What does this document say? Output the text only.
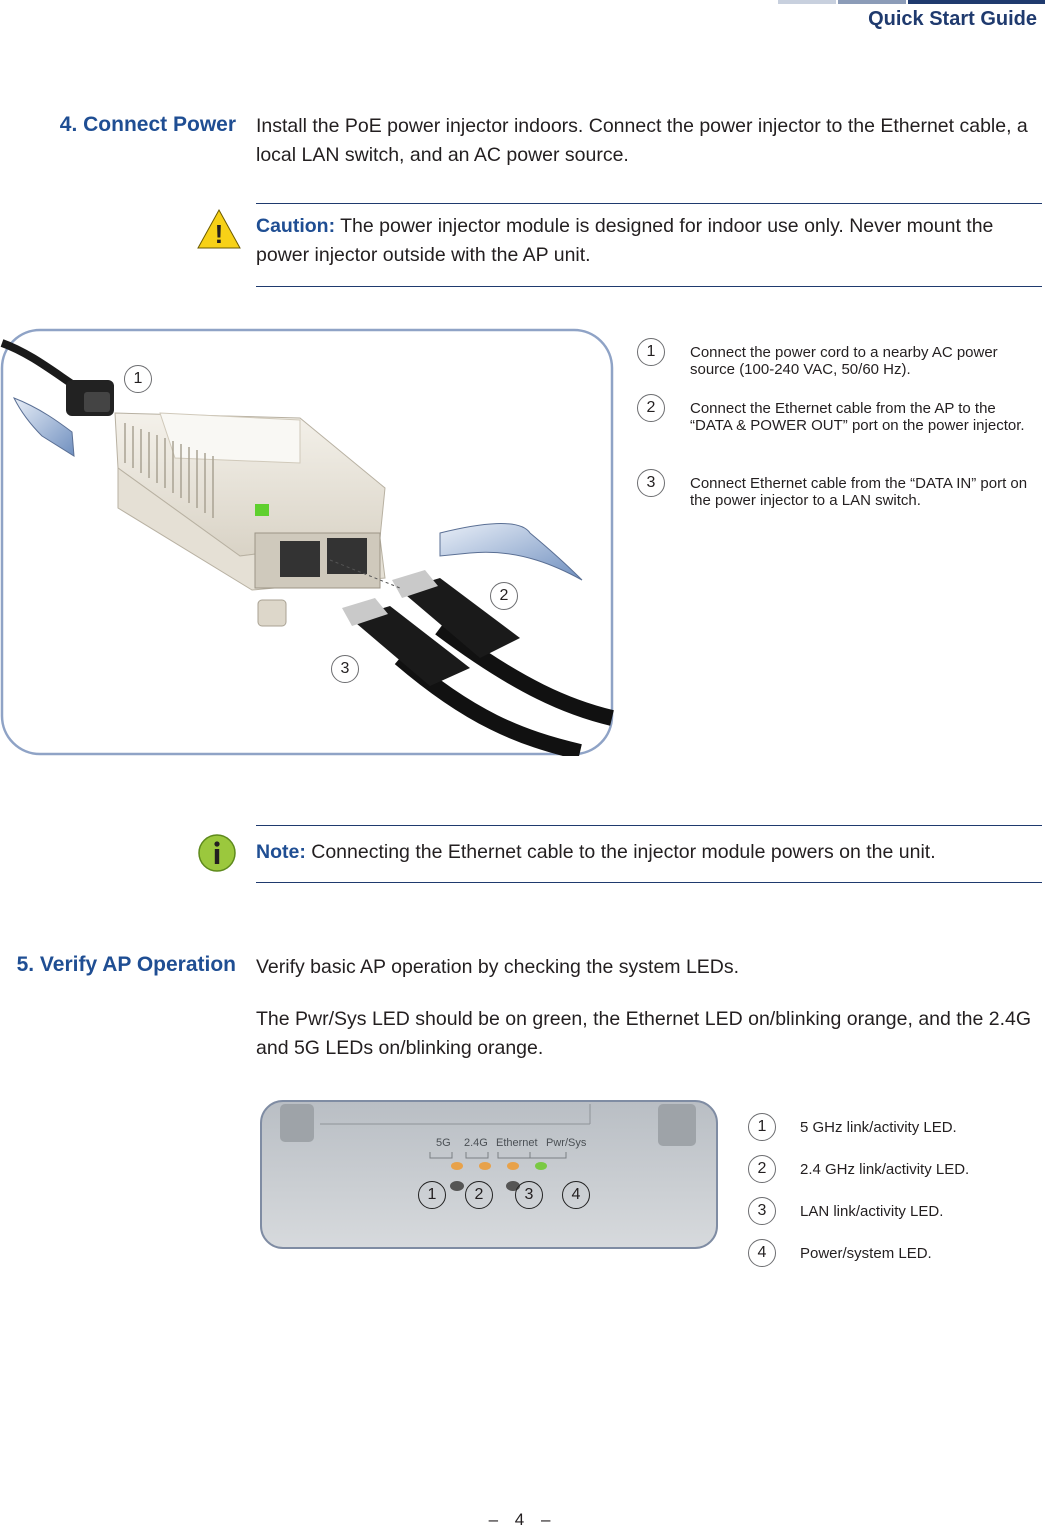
Quick Start Guide
4. Connect Power Install the PoE power injector indoors. Connect the power injector to the Ethernet cable, a local LAN switch, and an AC power source.
! Caution: The power injector module is designed for indoor use only. Never mount the power injector outside with the AP unit.
1
2
3
1	Connect the power cord to a nearby AC power source (100-240 VAC, 50/60 Hz).
2	Connect the Ethernet cable from the AP to the “DATA & POWER OUT” port on the power injector.
3	Connect Ethernet cable from the “DATA IN” port on the power injector to a LAN switch.
Note: Connecting the Ethernet cable to the injector module powers on the unit.
5. Verify AP Operation Verify basic AP operation by checking the system LEDs.
The Pwr/Sys LED should be on green, the Ethernet LED on/blinking orange, and the 2.4G and 5G LEDs on/blinking orange.
5G 2.4G Ethernet Pwr/Sys
1	2	3	4
1	5 GHz link/activity LED.
2	2.4 GHz link/activity LED.
3	LAN link/activity LED.
4	Power/system LED.
– 4 –
